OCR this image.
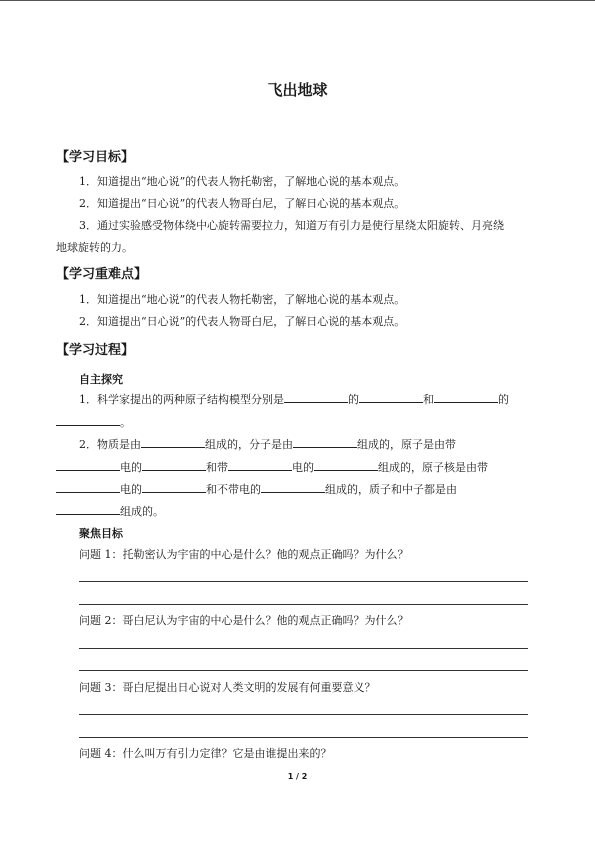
飞出地球
【学习目标】
1．知道提出“地心说”的代表人物托勒密，了解地心说的基本观点。
2．知道提出“日心说”的代表人物哥白尼，了解日心说的基本观点。
3．通过实验感受物体绕中心旋转需要拉力，知道万有引力是使行星绕太阳旋转、月亮绕
地球旋转的力。
【学习重难点】
1．知道提出“地心说”的代表人物托勒密，了解地心说的基本观点。
2．知道提出“日心说”的代表人物哥白尼，了解日心说的基本观点。
【学习过程】
自主探究
1．科学家提出的两种原子结构模型分别是	的	和	的
。
2．物质是由	组成的，分子是由	组成的，原子是由带
电的	和带	电的	组成的，原子核是由带
电的	和不带电的	组成的，质子和中子都是由
组成的。
聚焦目标
问题 1：托勒密认为宇宙的中心是什么？他的观点正确吗？为什么？
问题 2：哥白尼认为宇宙的中心是什么？他的观点正确吗？为什么？
问题 3：哥白尼提出日心说对人类文明的发展有何重要意义？
问题 4：什么叫万有引力定律？它是由谁提出来的？
1 / 2
